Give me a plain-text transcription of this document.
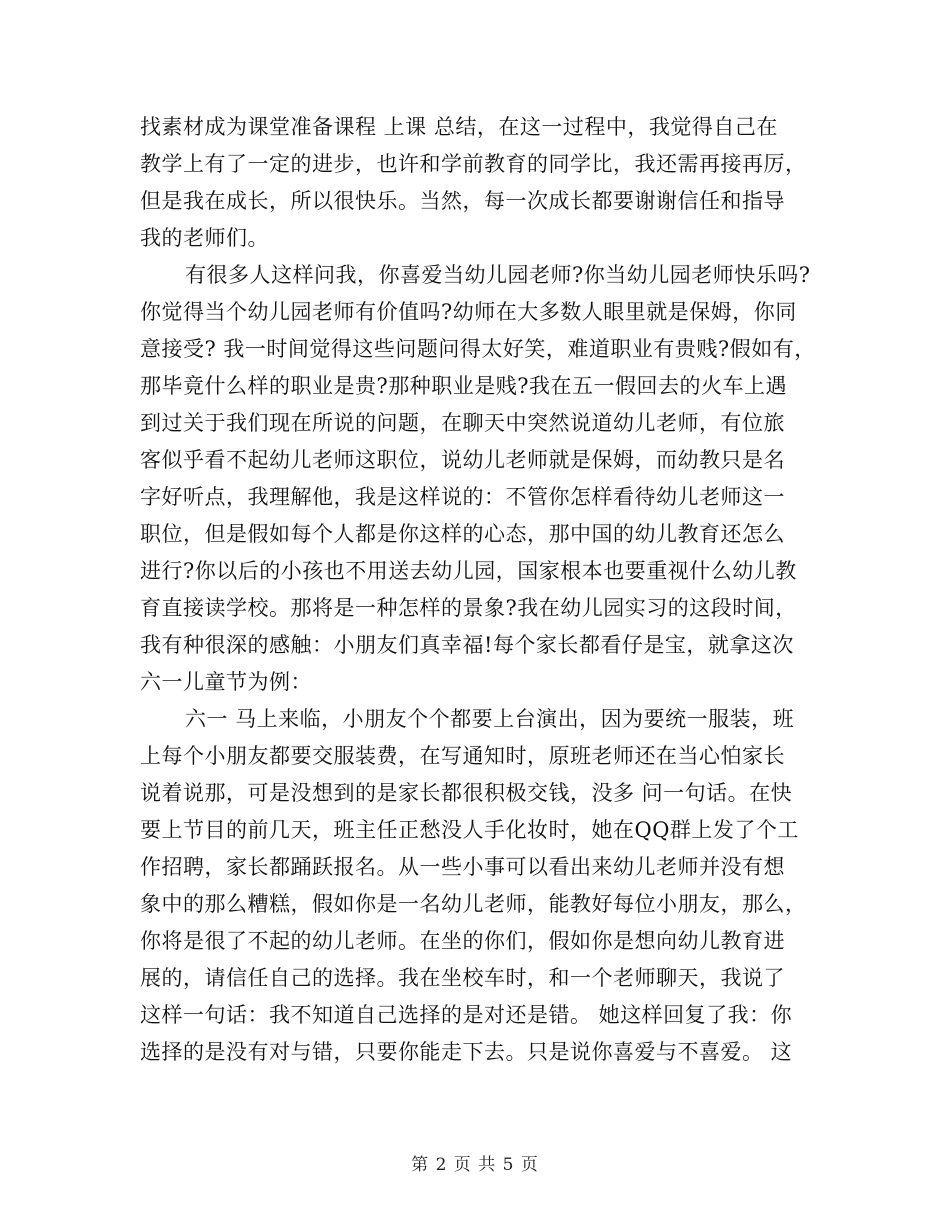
找素材成为课堂准备课程 上课 总结，在这一过程中，我觉得自己在
教学上有了一定的进步，也许和学前教育的同学比，我还需再接再厉，
但是我在成长，所以很快乐。当然，每一次成长都要谢谢信任和指导
我的老师们。
有很多人这样问我，你喜爱当幼儿园老师?你当幼儿园老师快乐吗?
你觉得当个幼儿园老师有价值吗?幼师在大多数人眼里就是保姆，你同
意接受? 我一时间觉得这些问题问得太好笑，难道职业有贵贱?假如有，
那毕竟什么样的职业是贵?那种职业是贱?我在五一假回去的火车上遇
到过关于我们现在所说的问题，在聊天中突然说道幼儿老师，有位旅
客似乎看不起幼儿老师这职位，说幼儿老师就是保姆，而幼教只是名
字好听点，我理解他，我是这样说的：不管你怎样看待幼儿老师这一
职位，但是假如每个人都是你这样的心态，那中国的幼儿教育还怎么
进行?你以后的小孩也不用送去幼儿园，国家根本也要重视什么幼儿教
育直接读学校。那将是一种怎样的景象?我在幼儿园实习的这段时间，
我有种很深的感触：小朋友们真幸福!每个家长都看仔是宝，就拿这次
六一儿童节为例：
六一 马上来临，小朋友个个都要上台演出，因为要统一服装，班
上每个小朋友都要交服装费，在写通知时，原班老师还在当心怕家长
说着说那，可是没想到的是家长都很积极交钱，没多 问一句话。在快
要上节目的前几天，班主任正愁没人手化妆时，她在QQ群上发了个工
作招聘，家长都踊跃报名。从一些小事可以看出来幼儿老师并没有想
象中的那么糟糕，假如你是一名幼儿老师，能教好每位小朋友，那么，
你将是很了不起的幼儿老师。在坐的你们，假如你是想向幼儿教育进
展的，请信任自己的选择。我在坐校车时，和一个老师聊天，我说了
这样一句话：我不知道自己选择的是对还是错。 她这样回复了我：你
选择的是没有对与错，只要你能走下去。只是说你喜爱与不喜爱。 这
第 2 页 共 5 页
